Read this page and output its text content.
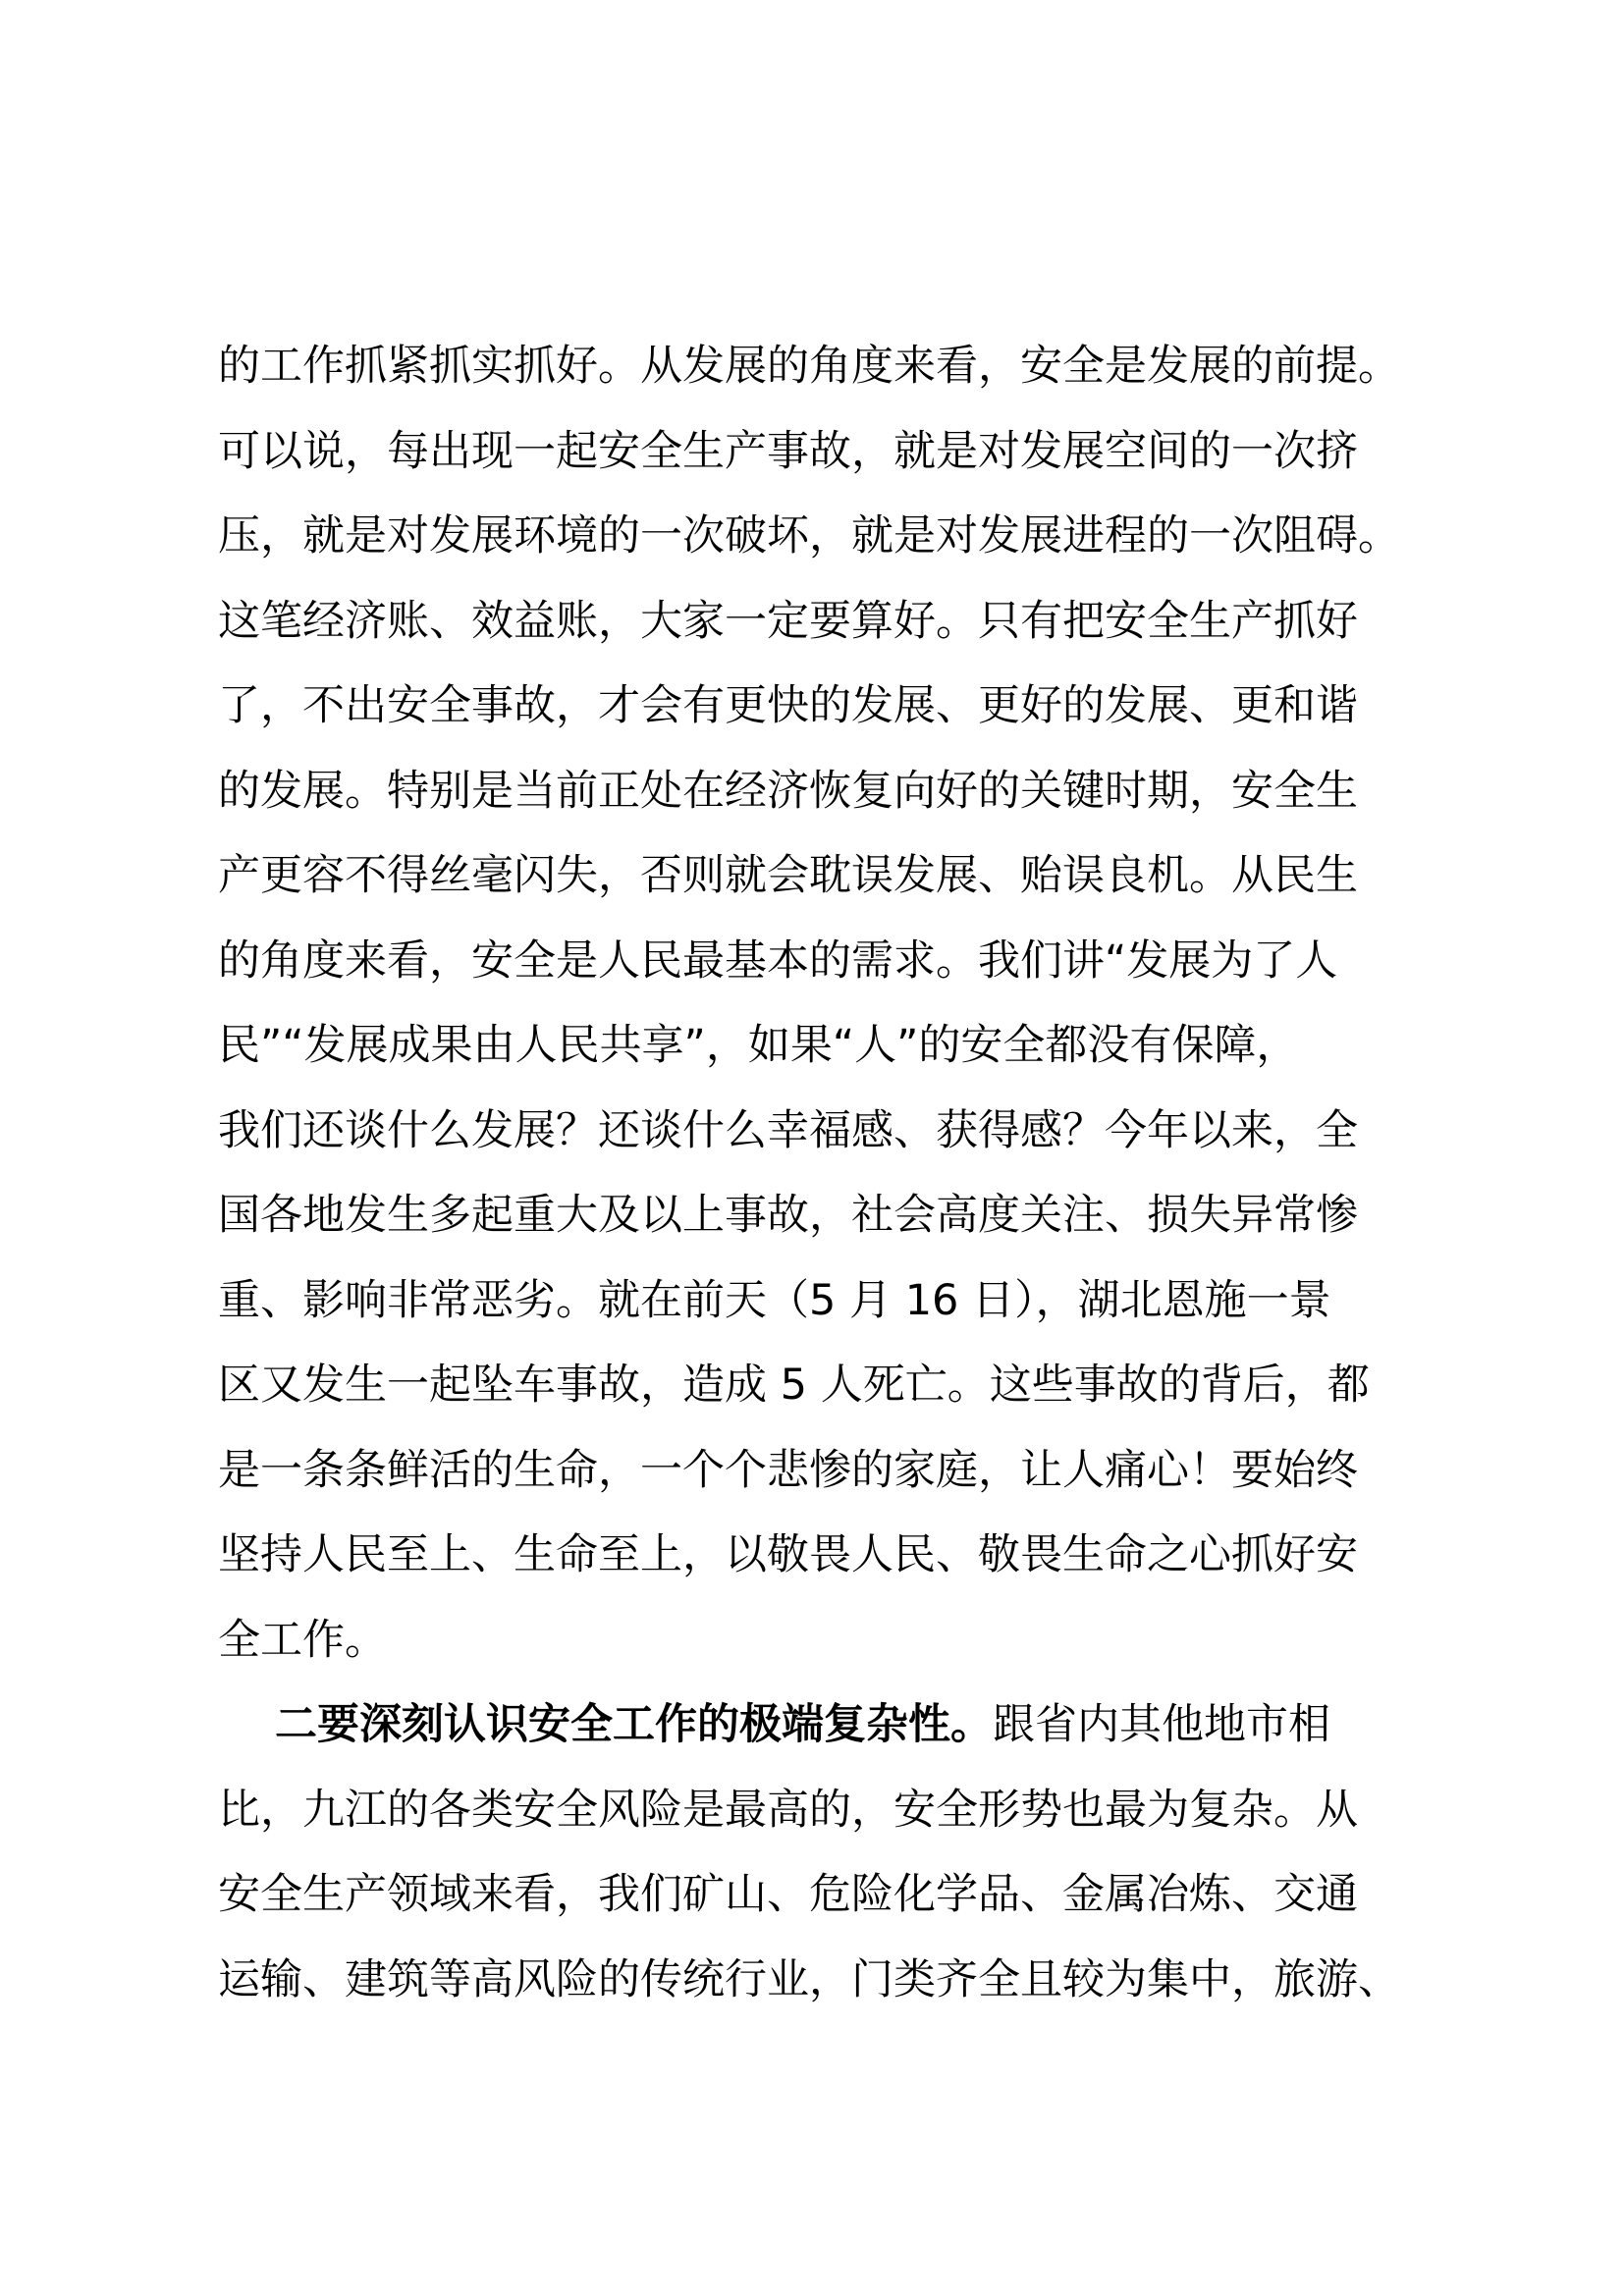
的工作抓紧抓实抓好。从发展的角度来看，安全是发展的前提。

可以说，每出现一起安全生产事故，就是对发展空间的一次挤

压，就是对发展环境的一次破坏，就是对发展进程的一次阻碍。

这笔经济账、效益账，大家一定要算好。只有把安全生产抓好

了，不出安全事故，才会有更快的发展、更好的发展、更和谐

的发展。特别是当前正处在经济恢复向好的关键时期，安全生

产更容不得丝毫闪失，否则就会耽误发展、贻误良机。从民生

的角度来看，安全是人民最基本的需求。我们讲“发展为了人

民”“发展成果由人民共享”，如果“人”的安全都没有保障，

我们还谈什么发展？还谈什么幸福感、获得感？今年以来，全

国各地发生多起重大及以上事故，社会高度关注、损失异常惨

重、影响非常恶劣。就在前天（5 月 16 日），湖北恩施一景

区又发生一起坠车事故，造成 5 人死亡。这些事故的背后，都

是一条条鲜活的生命，一个个悲惨的家庭，让人痛心！要始终

坚持人民至上、生命至上，以敬畏人民、敬畏生命之心抓好安

全工作。

二要深刻认识安全工作的极端复杂性。跟省内其他地市相

比，九江的各类安全风险是最高的，安全形势也最为复杂。从

安全生产领域来看，我们矿山、危险化学品、金属冶炼、交通

运输、建筑等高风险的传统行业，门类齐全且较为集中，旅游、
